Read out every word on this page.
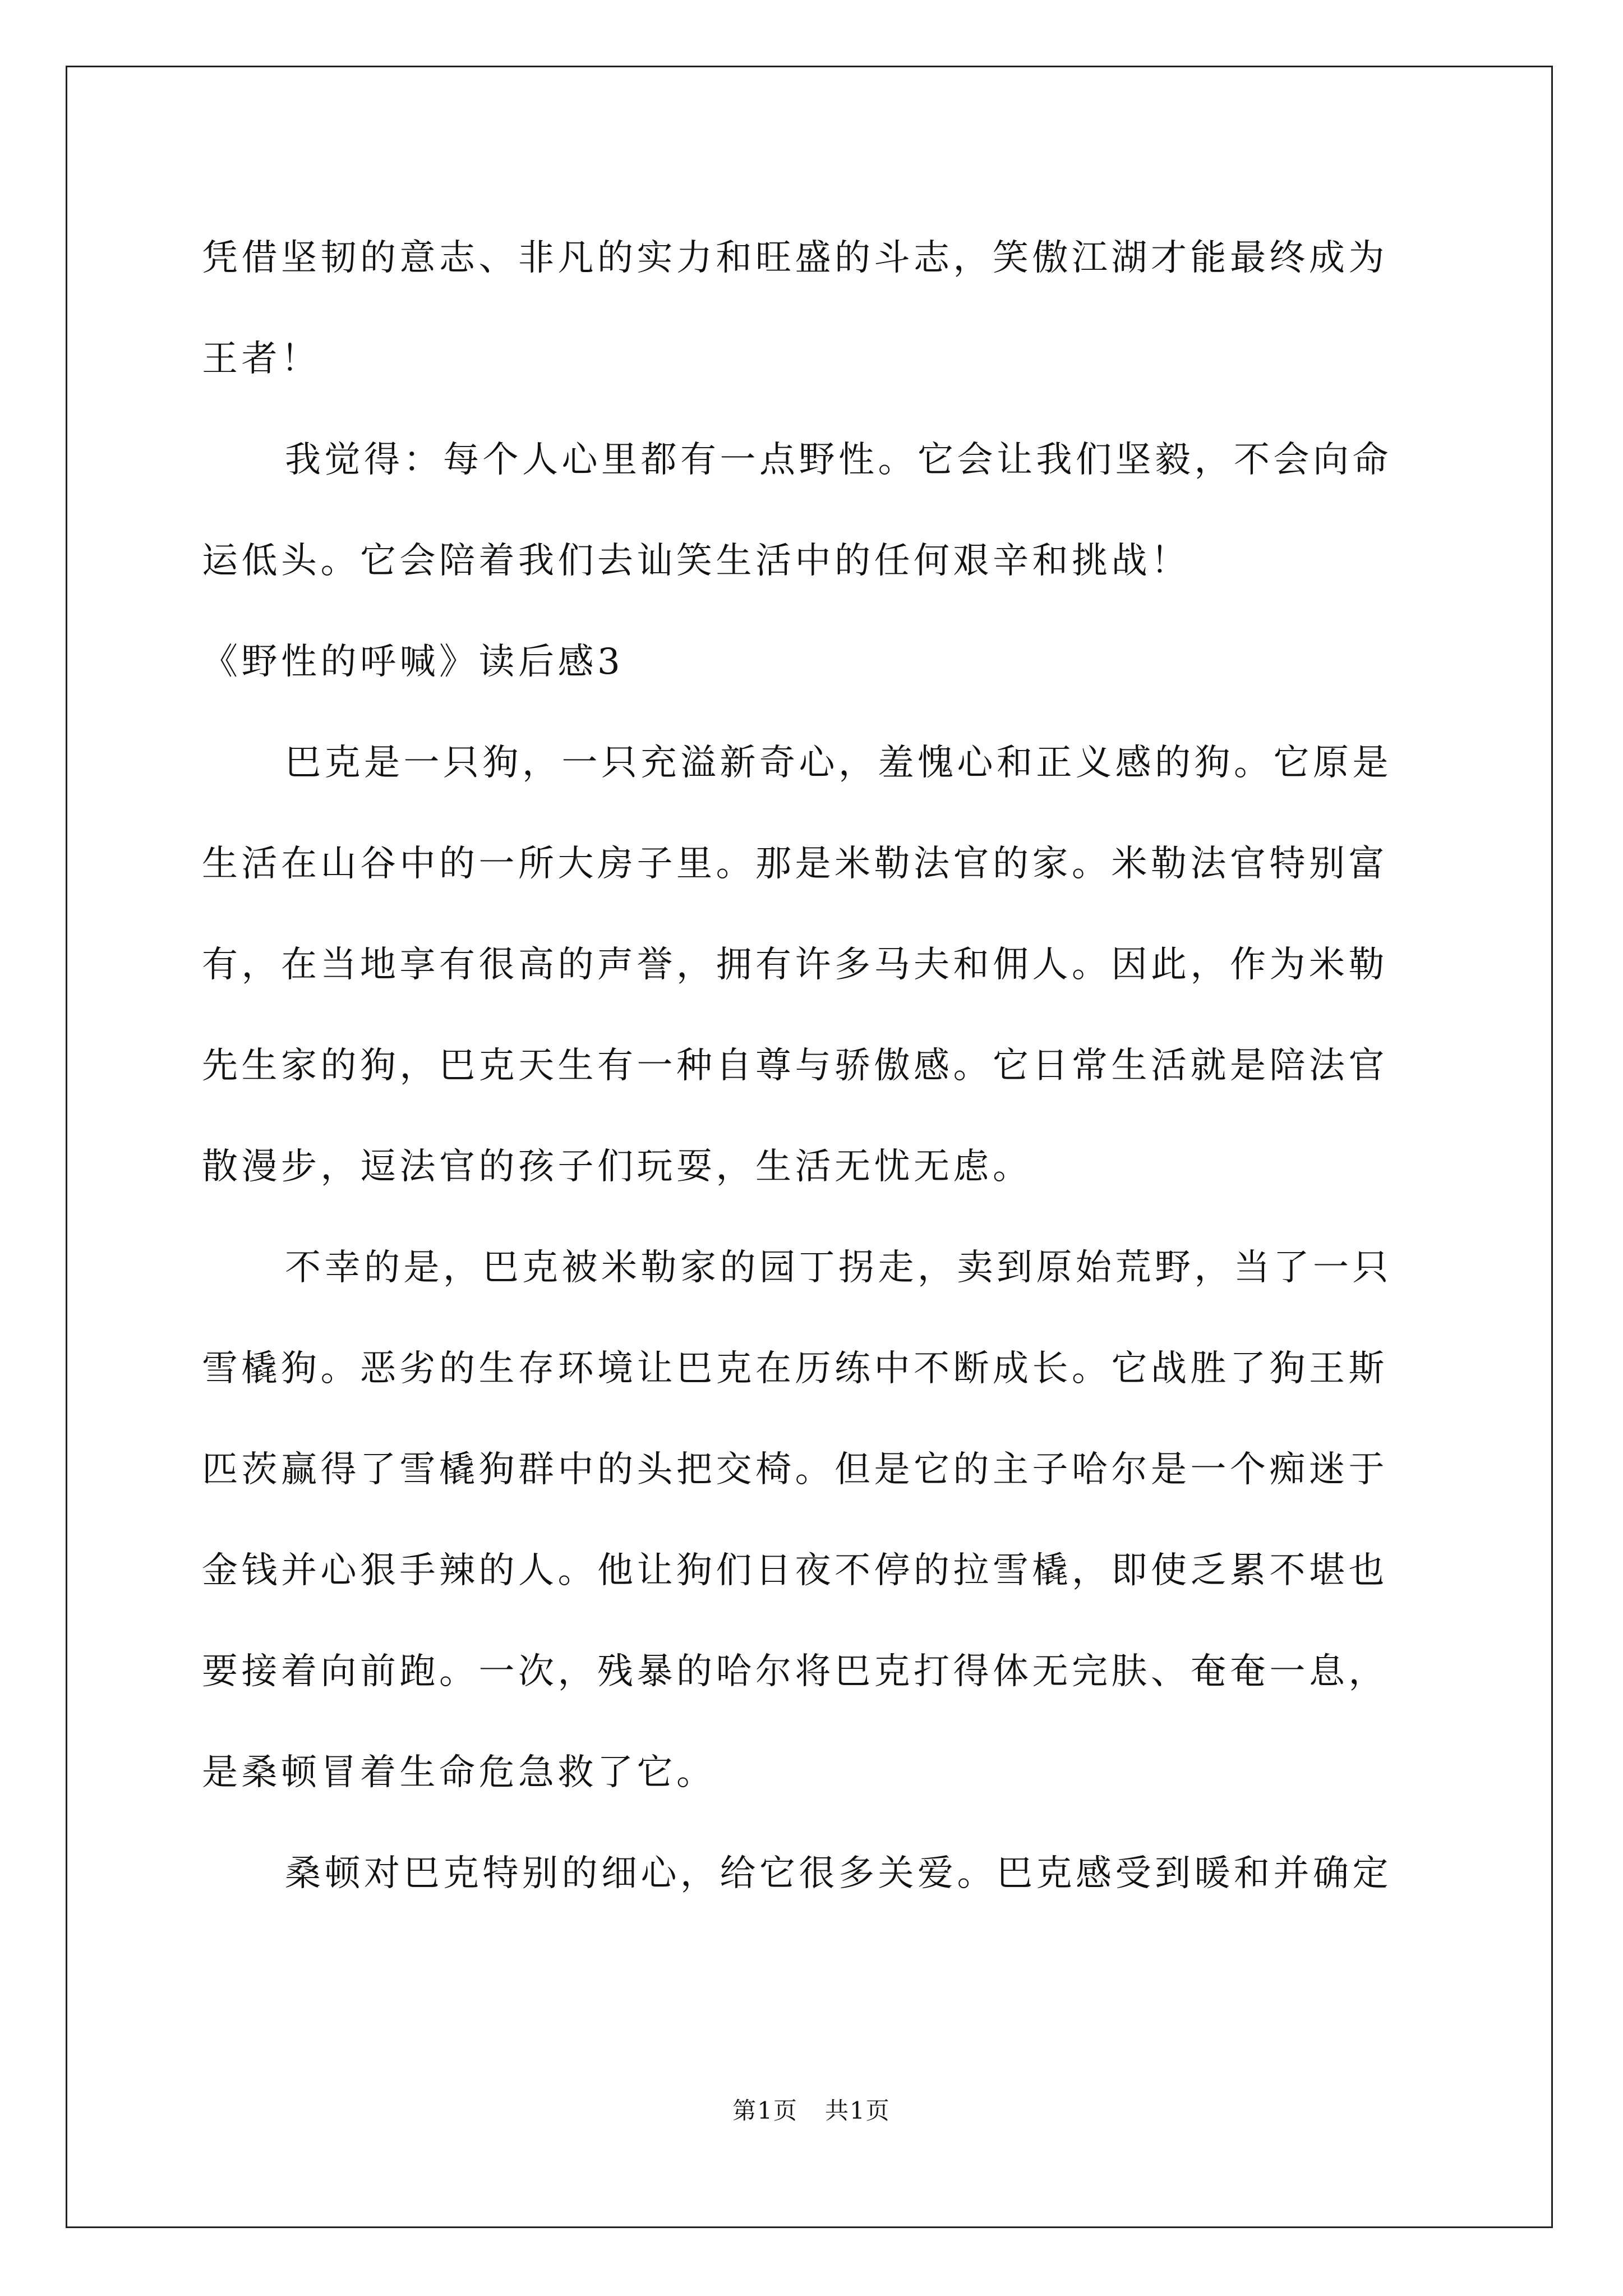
凭借坚韧的意志、非凡的实力和旺盛的斗志，笑傲江湖才能最终成为
王者！
我觉得：每个人心里都有一点野性。它会让我们坚毅，不会向命
运低头。它会陪着我们去讪笑生活中的任何艰辛和挑战！
《野性的呼喊》读后感3
巴克是一只狗，一只充溢新奇心，羞愧心和正义感的狗。它原是
生活在山谷中的一所大房子里。那是米勒法官的家。米勒法官特别富
有，在当地享有很高的声誉，拥有许多马夫和佣人。因此，作为米勒
先生家的狗，巴克天生有一种自尊与骄傲感。它日常生活就是陪法官
散漫步，逗法官的孩子们玩耍，生活无忧无虑。
不幸的是，巴克被米勒家的园丁拐走，卖到原始荒野，当了一只
雪橇狗。恶劣的生存环境让巴克在历练中不断成长。它战胜了狗王斯
匹茨赢得了雪橇狗群中的头把交椅。但是它的主子哈尔是一个痴迷于
金钱并心狠手辣的人。他让狗们日夜不停的拉雪橇，即使乏累不堪也
要接着向前跑。一次，残暴的哈尔将巴克打得体无完肤、奄奄一息，
是桑顿冒着生命危急救了它。
桑顿对巴克特别的细心，给它很多关爱。巴克感受到暖和并确定
第1页 共1页
